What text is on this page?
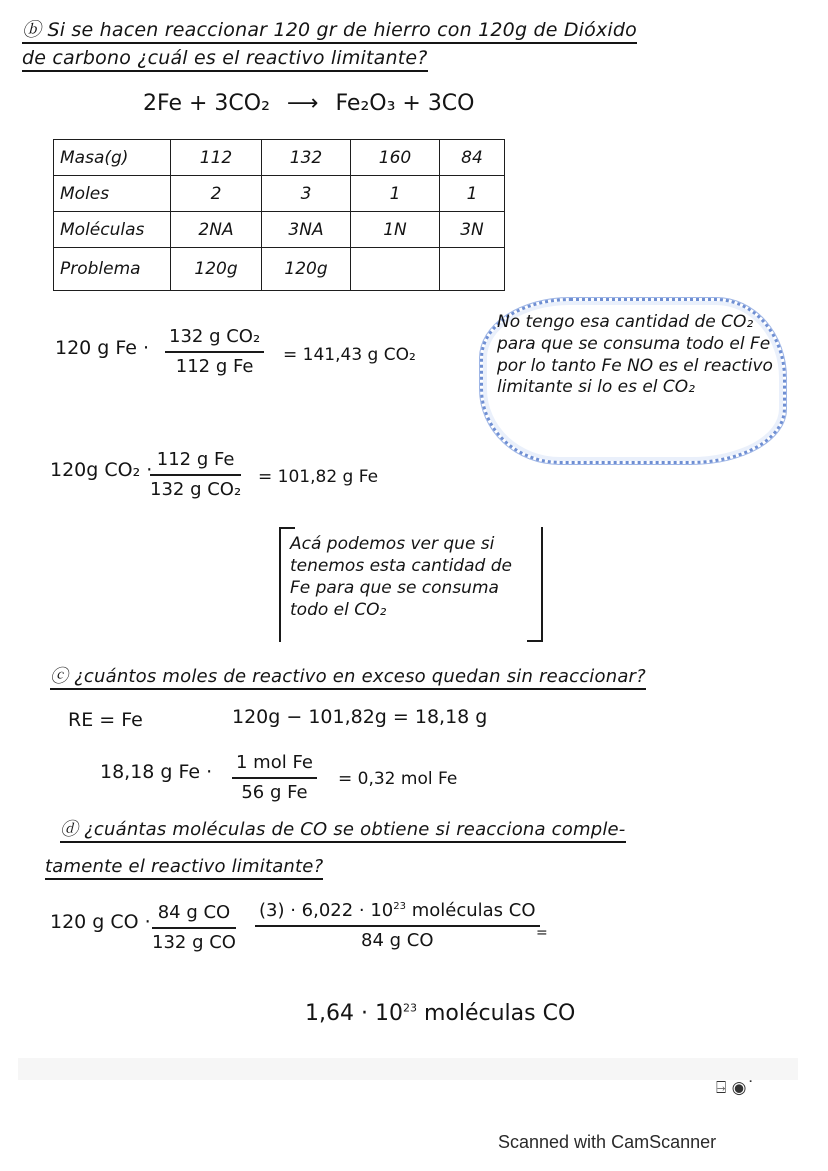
ⓑ Si se hacen reaccionar 120 gr de hierro con 120g de Dióxido
de carbono ¿cuál es el reactivo limitante?
2Fe + 3CO₂ ⟶ Fe₂O₃ + 3CO
Masa(g)	112	132	160	84
Moles	2	3	1	1
Moléculas	2NA	3NA	1N	3N
Problema	120g	120g		
120 g $Fe \cdot \frac{\text{132 g CO₂}}{\text{112 g Fe}} = 141,43$ g CO₂
No tengo esa cantidad de CO₂ para que se consuma todo el Fe por lo tanto Fe NO es el reactivo limitante si lo es el CO₂
120g CO₂ ·
$\frac{\text{112 g Fe}}{\text{132 g CO₂}} = 101,82$ g Fe
Acá podemos ver que si tenemos esta cantidad de Fe para que se consuma todo el CO₂
ⓒ ¿cuántos moles de reactivo en exceso quedan sin reaccionar?
RE = Fe	120g − 101,82g = 18,18 g
18,18 g Fe · 1 mol Fe
56 g Fe
= 0,32 mol Fe
ⓓ ¿cuántas moléculas de CO se obtiene si reacciona comple-
tamente el reactivo limitante?
120 g CO · $\frac{\text{84 g CO}}{\text{132 g CO}} (3) \cdot 6,022 \cdot 10^{23}$ moléculas CO
84 g CO	=
$1,64 \cdot 10^{23}$ moléculas CO
⍈ ◉˙
Scanned with CamScanner
